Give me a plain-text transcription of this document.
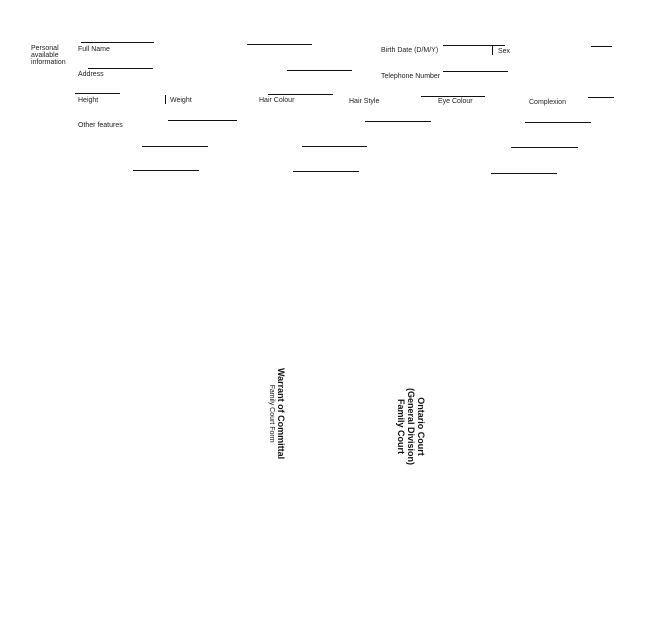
Personal
available
information
Full Name	Birth Date (D/M/Y)	Sex
Address	Telephone Number
Height	Weight	Hair Colour	Hair Style	Eye Colour	Complexion
Other features
Warrant of Committal
Family Court Form	Ontario Court
(General Division)
Family Court
